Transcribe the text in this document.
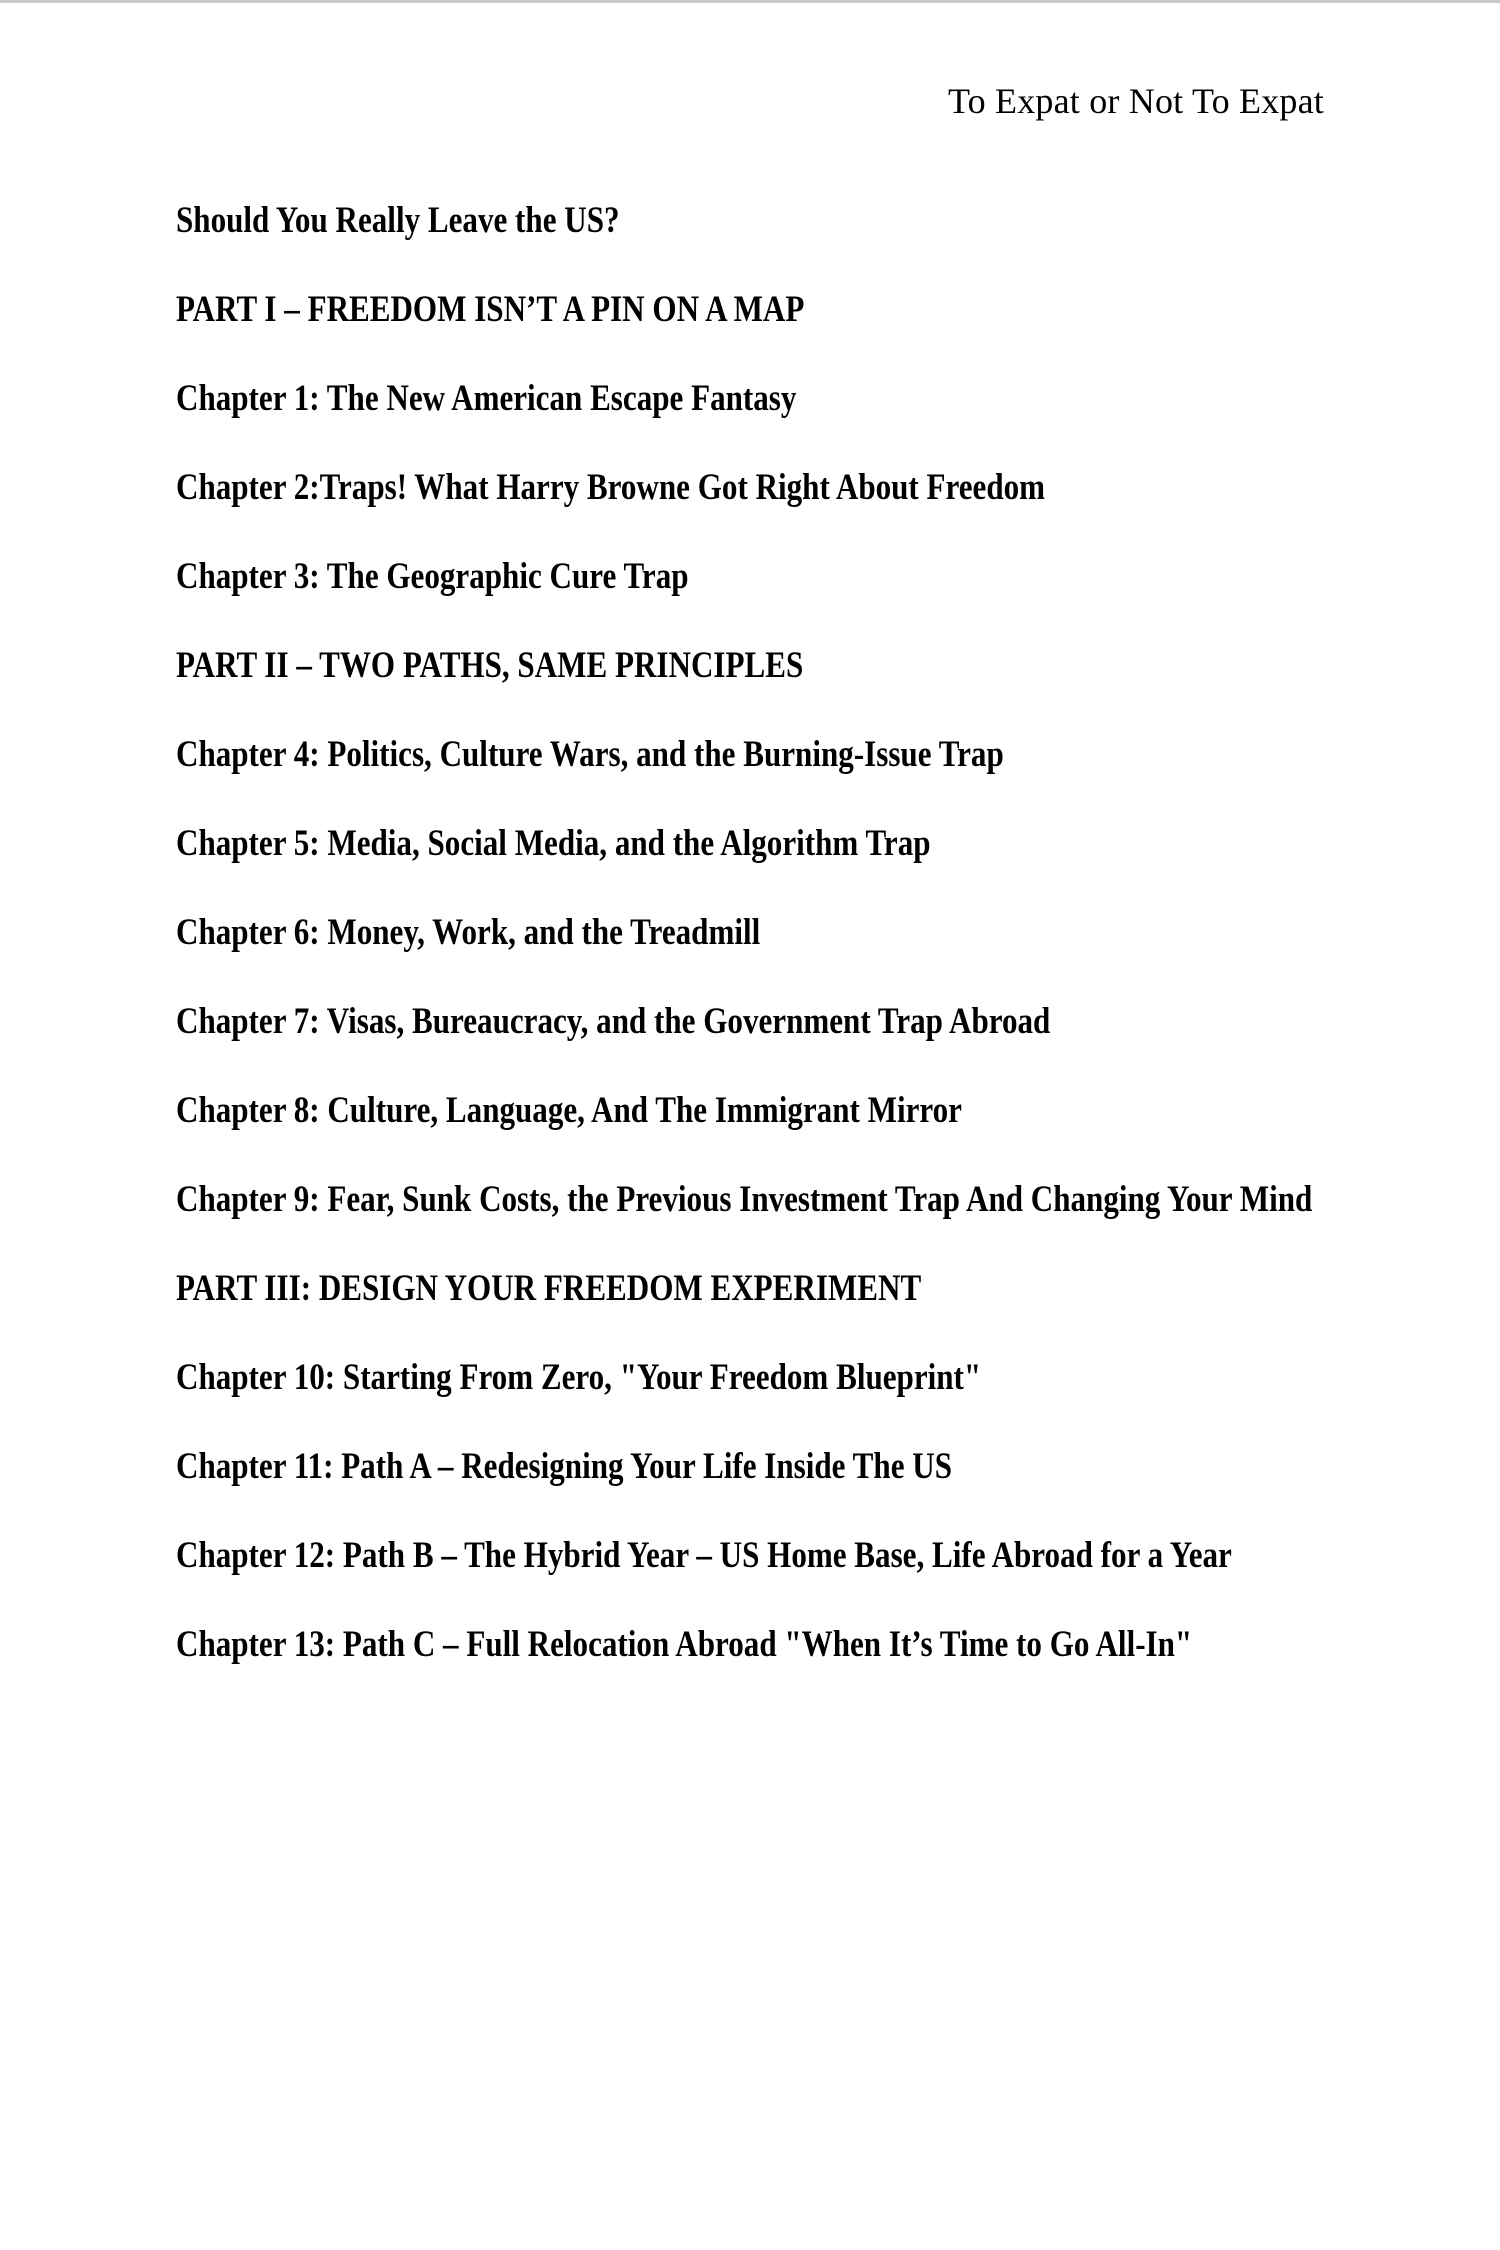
To Expat or Not To Expat
Should You Really Leave the US?
PART I – FREEDOM ISN’T A PIN ON A MAP
Chapter 1: The New American Escape Fantasy
Chapter 2:Traps! What Harry Browne Got Right About Freedom
Chapter 3: The Geographic Cure Trap
PART II – TWO PATHS, SAME PRINCIPLES
Chapter 4: Politics, Culture Wars, and the Burning-Issue Trap
Chapter 5: Media, Social Media, and the Algorithm Trap
Chapter 6: Money, Work, and the Treadmill
Chapter 7: Visas, Bureaucracy, and the Government Trap Abroad
Chapter 8: Culture, Language, And The Immigrant Mirror
Chapter 9: Fear, Sunk Costs, the Previous Investment Trap And Changing Your Mind
PART III: DESIGN YOUR FREEDOM EXPERIMENT
Chapter 10: Starting From Zero, "Your Freedom Blueprint"
Chapter 11: Path A – Redesigning Your Life Inside The US
Chapter 12: Path B – The Hybrid Year – US Home Base, Life Abroad for a Year
Chapter 13: Path C – Full Relocation Abroad "When It’s Time to Go All-In"
